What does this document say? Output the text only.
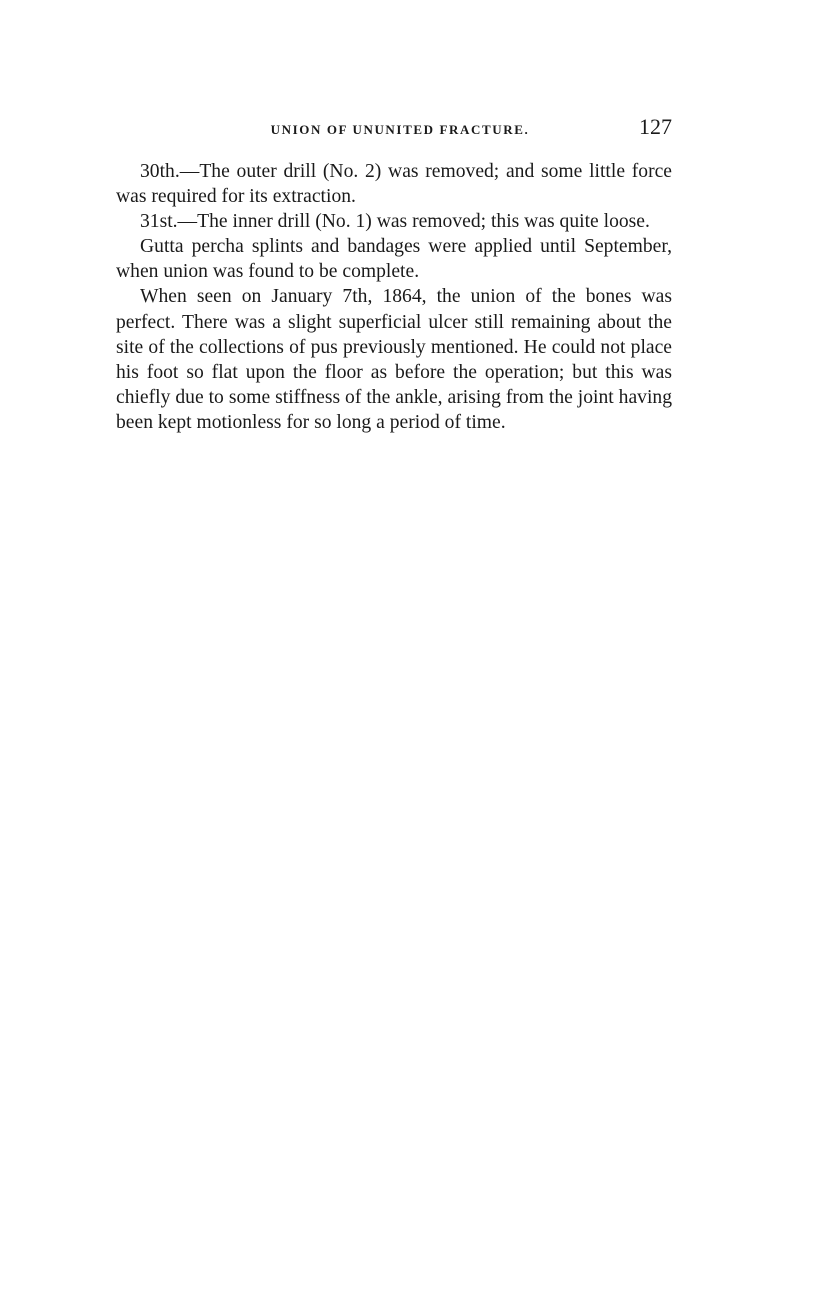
UNION OF UNUNITED FRACTURE.	127

30th.—The outer drill (No. 2) was removed; and some little force was required for its extraction.

31st.—The inner drill (No. 1) was removed; this was quite loose.

Gutta percha splints and bandages were applied until September, when union was found to be complete.

When seen on January 7th, 1864, the union of the bones was perfect. There was a slight superficial ulcer still remaining about the site of the collections of pus previously mentioned. He could not place his foot so flat upon the floor as before the operation; but this was chiefly due to some stiffness of the ankle, arising from the joint having been kept motionless for so long a period of time.
